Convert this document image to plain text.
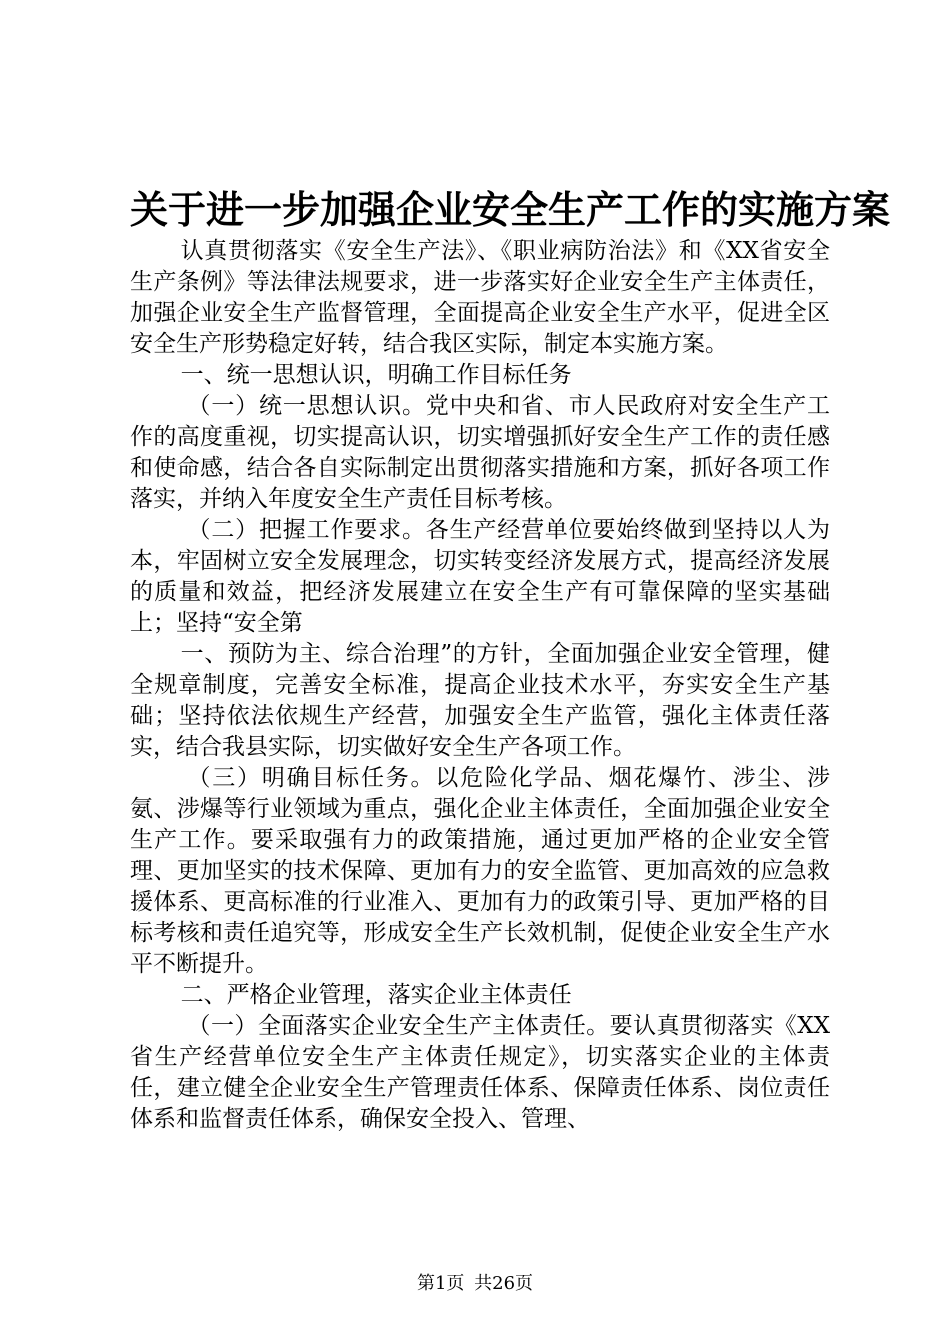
关于进一步加强企业安全生产工作的实施方案

认真贯彻落实《安全生产法》、《职业病防治法》和《XX省安全生产条例》等法律法规要求，进一步落实好企业安全生产主体责任，加强企业安全生产监督管理，全面提高企业安全生产水平，促进全区安全生产形势稳定好转，结合我区实际，制定本实施方案。

一、统一思想认识，明确工作目标任务

（一）统一思想认识。党中央和省、市人民政府对安全生产工作的高度重视，切实提高认识，切实增强抓好安全生产工作的责任感和使命感，结合各自实际制定出贯彻落实措施和方案，抓好各项工作落实，并纳入年度安全生产责任目标考核。

（二）把握工作要求。各生产经营单位要始终做到坚持以人为本，牢固树立安全发展理念，切实转变经济发展方式，提高经济发展的质量和效益，把经济发展建立在安全生产有可靠保障的坚实基础上；坚持“安全第

一、预防为主、综合治理”的方针，全面加强企业安全管理，健全规章制度，完善安全标准，提高企业技术水平，夯实安全生产基础；坚持依法依规生产经营，加强安全生产监管，强化主体责任落实，结合我县实际，切实做好安全生产各项工作。

（三）明确目标任务。以危险化学品、烟花爆竹、涉尘、涉氨、涉爆等行业领域为重点，强化企业主体责任，全面加强企业安全生产工作。要采取强有力的政策措施，通过更加严格的企业安全管理、更加坚实的技术保障、更加有力的安全监管、更加高效的应急救援体系、更高标准的行业准入、更加有力的政策引导、更加严格的目标考核和责任追究等，形成安全生产长效机制，促使企业安全生产水平不断提升。

二、严格企业管理，落实企业主体责任

（一）全面落实企业安全生产主体责任。要认真贯彻落实《XX省生产经营单位安全生产主体责任规定》，切实落实企业的主体责任，建立健全企业安全生产管理责任体系、保障责任体系、岗位责任体系和监督责任体系，确保安全投入、管理、

第1页 共26页
